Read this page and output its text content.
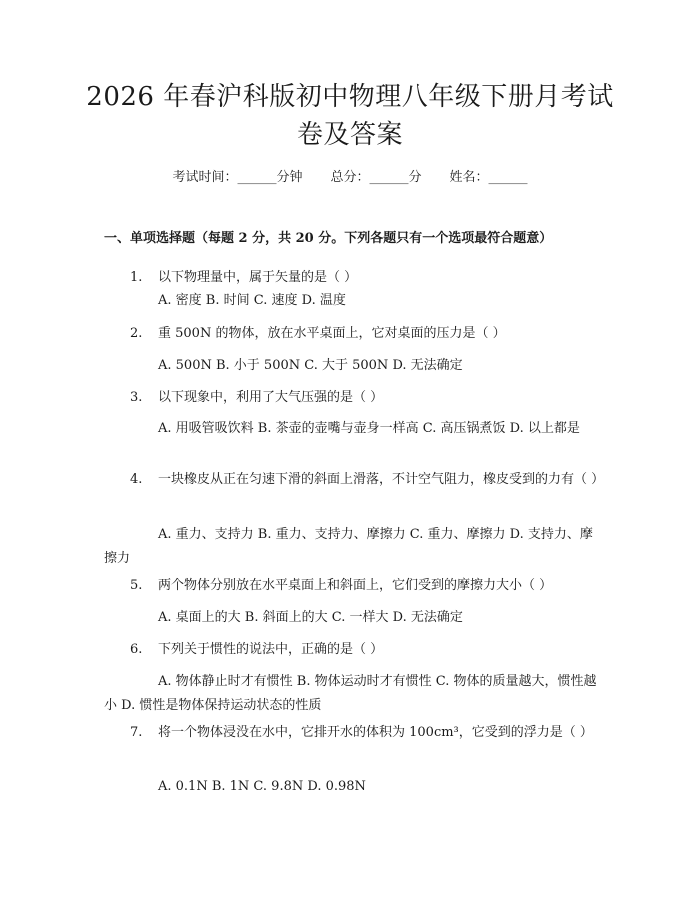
2026 年春沪科版初中物理八年级下册月考试
卷及答案
考试时间：______分钟 总分：______分 姓名：______
一、单项选择题（每题 2 分，共 20 分。下列各题只有一个选项最符合题意）
1.	以下物理量中，属于矢量的是（ ）
A. 密度 B. 时间 C. 速度 D. 温度
2.	重 500N 的物体，放在水平桌面上，它对桌面的压力是（ ）
A. 500N B. 小于 500N C. 大于 500N D. 无法确定
3.	以下现象中，利用了大气压强的是（ ）
A. 用吸管吸饮料 B. 茶壶的壶嘴与壶身一样高 C. 高压锅煮饭 D. 以上都是
4.	一块橡皮从正在匀速下滑的斜面上滑落，不计空气阻力，橡皮受到的力有（ ）
A. 重力、支持力 B. 重力、支持力、摩擦力 C. 重力、摩擦力 D. 支持力、摩擦力
5.	两个物体分别放在水平桌面上和斜面上，它们受到的摩擦力大小（ ）
A. 桌面上的大 B. 斜面上的大 C. 一样大 D. 无法确定
6.	下列关于惯性的说法中，正确的是（ ）
A. 物体静止时才有惯性 B. 物体运动时才有惯性 C. 物体的质量越大，惯性越小 D. 惯性是物体保持运动状态的性质
7.	将一个物体浸没在水中，它排开水的体积为 100cm³，它受到的浮力是（ ）
A. 0.1N B. 1N C. 9.8N D. 0.98N
